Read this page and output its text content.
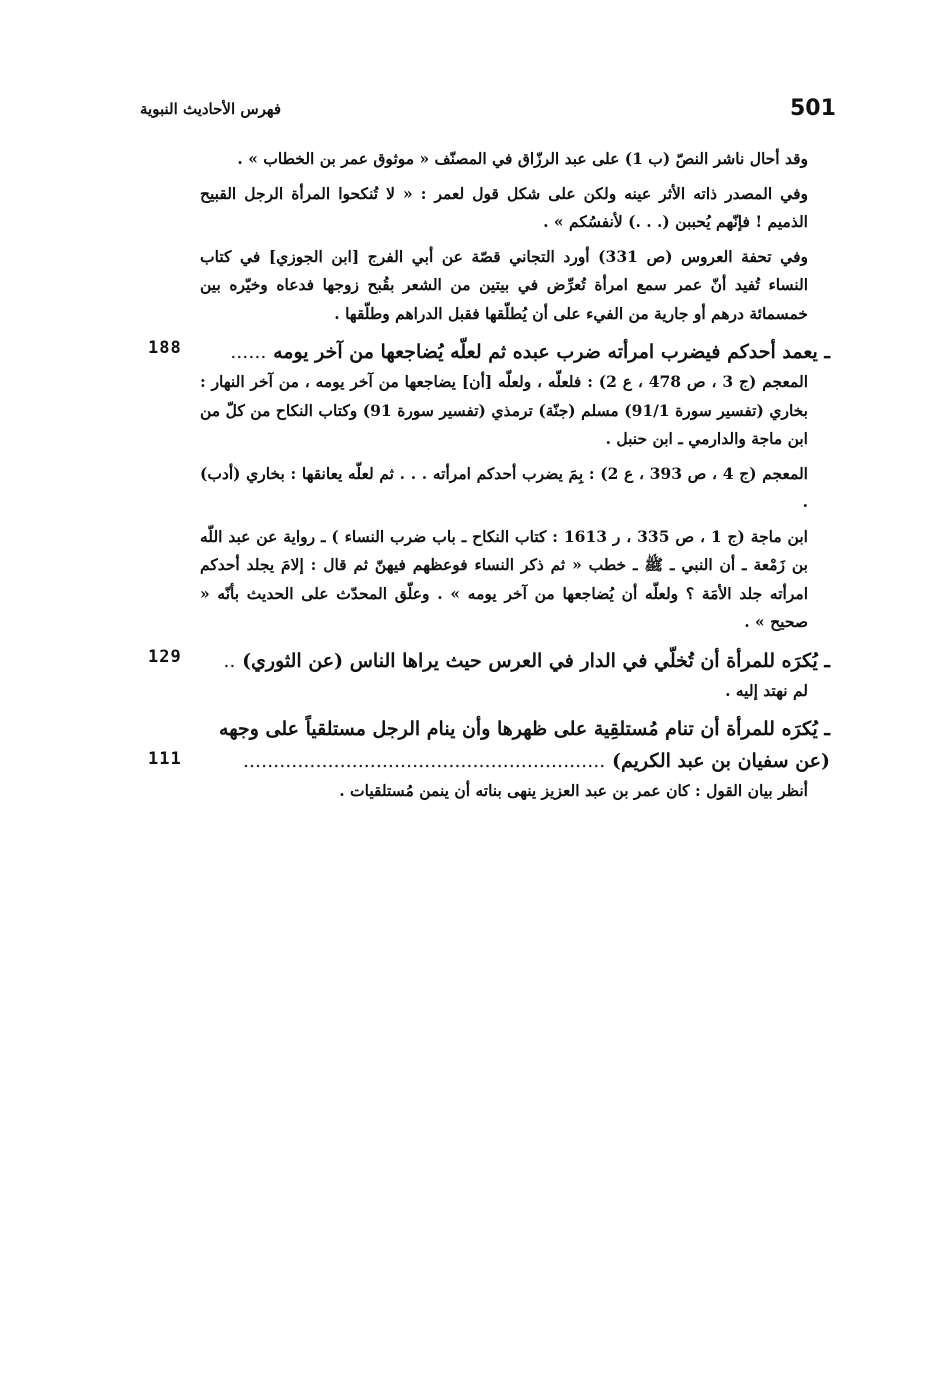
فهرس الأحاديث النبوية	501

وقد أحال ناشر النصّ (ب 1) على عبد الرزّاق في المصنّف « موثوق عمر بن الخطاب » .

وفي المصدر ذاته الأثر عينه ولكن على شكل قول لعمر : « لا تُنكحوا المرأة الرجل القبيح الذميم ! فإنّهم يُحببن (. . .) لأنفسُكم » .

وفي تحفة العروس (ص 331) أورد التجاني قصّة عن أبي الفرج [ابن الجوزي] في كتاب النساء تُفيد أنّ عمر سمع امرأة تُعرِّض في بيتين من الشعر بقُبح زوجها فدعاه وخيّره بين خمسمائة درهم أو جارية من الفيء على أن يُطلّقها فقبل الدراهم وطلّقها .

ـ يعمد أحدكم فيضرب امرأته ضرب عبده ثم لعلّه يُضاجعها من آخر يومه ......
188

المعجم (ج 3 ، ص 478 ، ع 2) : فلعلّه ، ولعلّه [أن] يضاجعها من آخر يومه ، من آخر النهار : بخاري (تفسير سورة 91/1) مسلم (جنّة) ترمذي (تفسير سورة 91) وكتاب النكاح من كلّ من ابن ماجة والدارمي ـ ابن حنبل .

المعجم (ج 4 ، ص 393 ، ع 2) : بِمَ يضرب أحدكم امرأته . . . ثم لعلّه يعانقها : بخاري (أدب) .

ابن ماجة (ج 1 ، ص 335 ، ر 1613 : كتاب النكاح ـ باب ضرب النساء ) ـ رواية عن عبد اللّه بن زَمْعة ـ أن النبي ـ ﷺ ـ خطب « ثم ذكر النساء فوعظهم فيهنّ ثم قال : إلامَ يجلد أحدكم امرأته جلد الأمَة ؟ ولعلّه أن يُضاجعها من آخر يومه » . وعلّق المحدّث على الحديث بأنّه « صحيح » .

ـ يُكرَه للمرأة أن تُخلّي في الدار في العرس حيث يراها الناس (عن الثوري) ..
129

لم نهتد إليه .

ـ يُكرَه للمرأة أن تنام مُستلقِية على ظهرها وأن ينام الرجل مستلقياً على وجهه (عن سفيان بن عبد الكريم) ............................................................
111

أنظر بيان القول : كان عمر بن عبد العزيز ينهى بناته أن ينمن مُستلقيات .
